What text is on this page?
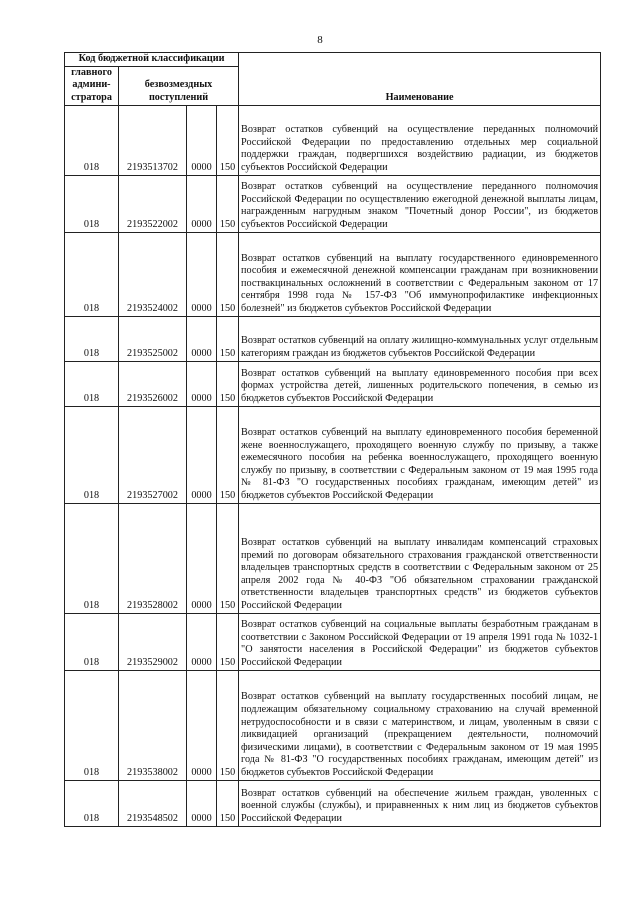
8
Код бюджетной классификации				Наименование
главного админи-стратора	безвозмездных поступлений			
018	2193513702	0000	150	Возврат остатков субвенций на осуществление переданных полномочий Российской Федерации по предоставлению отдельных мер социальной поддержки граждан, подвергшихся воздействию радиации, из бюджетов субъектов Российской Федерации
018	2193522002	0000	150	Возврат остатков субвенций на осуществление переданного полномочия Российской Федерации по осуществлению ежегодной денежной выплаты лицам, награжденным нагрудным знаком "Почетный донор России", из бюджетов субъектов Российской Федерации
018	2193524002	0000	150	Возврат остатков субвенций на выплату государственного единовременного пособия и ежемесячной денежной компенсации гражданам при возникновении поствакцинальных осложнений в соответствии с Федеральным законом от 17 сентября 1998 года № 157-ФЗ "Об иммунопрофилактике инфекционных болезней" из бюджетов субъектов Российской Федерации
018	2193525002	0000	150	Возврат остатков субвенций на оплату жилищно-коммунальных услуг отдельным категориям граждан из бюджетов субъектов Российской Федерации
018	2193526002	0000	150	Возврат остатков субвенций на выплату единовременного пособия при всех формах устройства детей, лишенных родительского попечения, в семью из бюджетов субъектов Российской Федерации
018	2193527002	0000	150	Возврат остатков субвенций на выплату единовременного пособия беременной жене военнослужащего, проходящего военную службу по призыву, а также ежемесячного пособия на ребенка военнослужащего, проходящего военную службу по призыву, в соответствии с Федеральным законом от 19 мая 1995 года № 81-ФЗ "О государственных пособиях гражданам, имеющим детей" из бюджетов субъектов Российской Федерации
018	2193528002	0000	150	Возврат остатков субвенций на выплату инвалидам компенсаций страховых премий по договорам обязательного страхования гражданской ответственности владельцев транспортных средств в соответствии с Федеральным законом от 25 апреля 2002 года № 40-ФЗ "Об обязательном страховании гражданской ответственности владельцев транспортных средств" из бюджетов субъектов Российской Федерации
018	2193529002	0000	150	Возврат остатков субвенций на социальные выплаты безработным гражданам в соответствии с Законом Российской Федерации от 19 апреля 1991 года № 1032-1 "О занятости населения в Российской Федерации" из бюджетов субъектов Российской Федерации
018	2193538002	0000	150	Возврат остатков субвенций на выплату государственных пособий лицам, не подлежащим обязательному социальному страхованию на случай временной нетрудоспособности и в связи с материнством, и лицам, уволенным в связи с ликвидацией организаций (прекращением деятельности, полномочий физическими лицами), в соответствии с Федеральным законом от 19 мая 1995 года № 81-ФЗ "О государственных пособиях гражданам, имеющим детей" из бюджетов субъектов Российской Федерации
018	2193548502	0000	150	Возврат остатков субвенций на обеспечение жильем граждан, уволенных с военной службы (службы), и приравненных к ним лиц из бюджетов субъектов Российской Федерации
